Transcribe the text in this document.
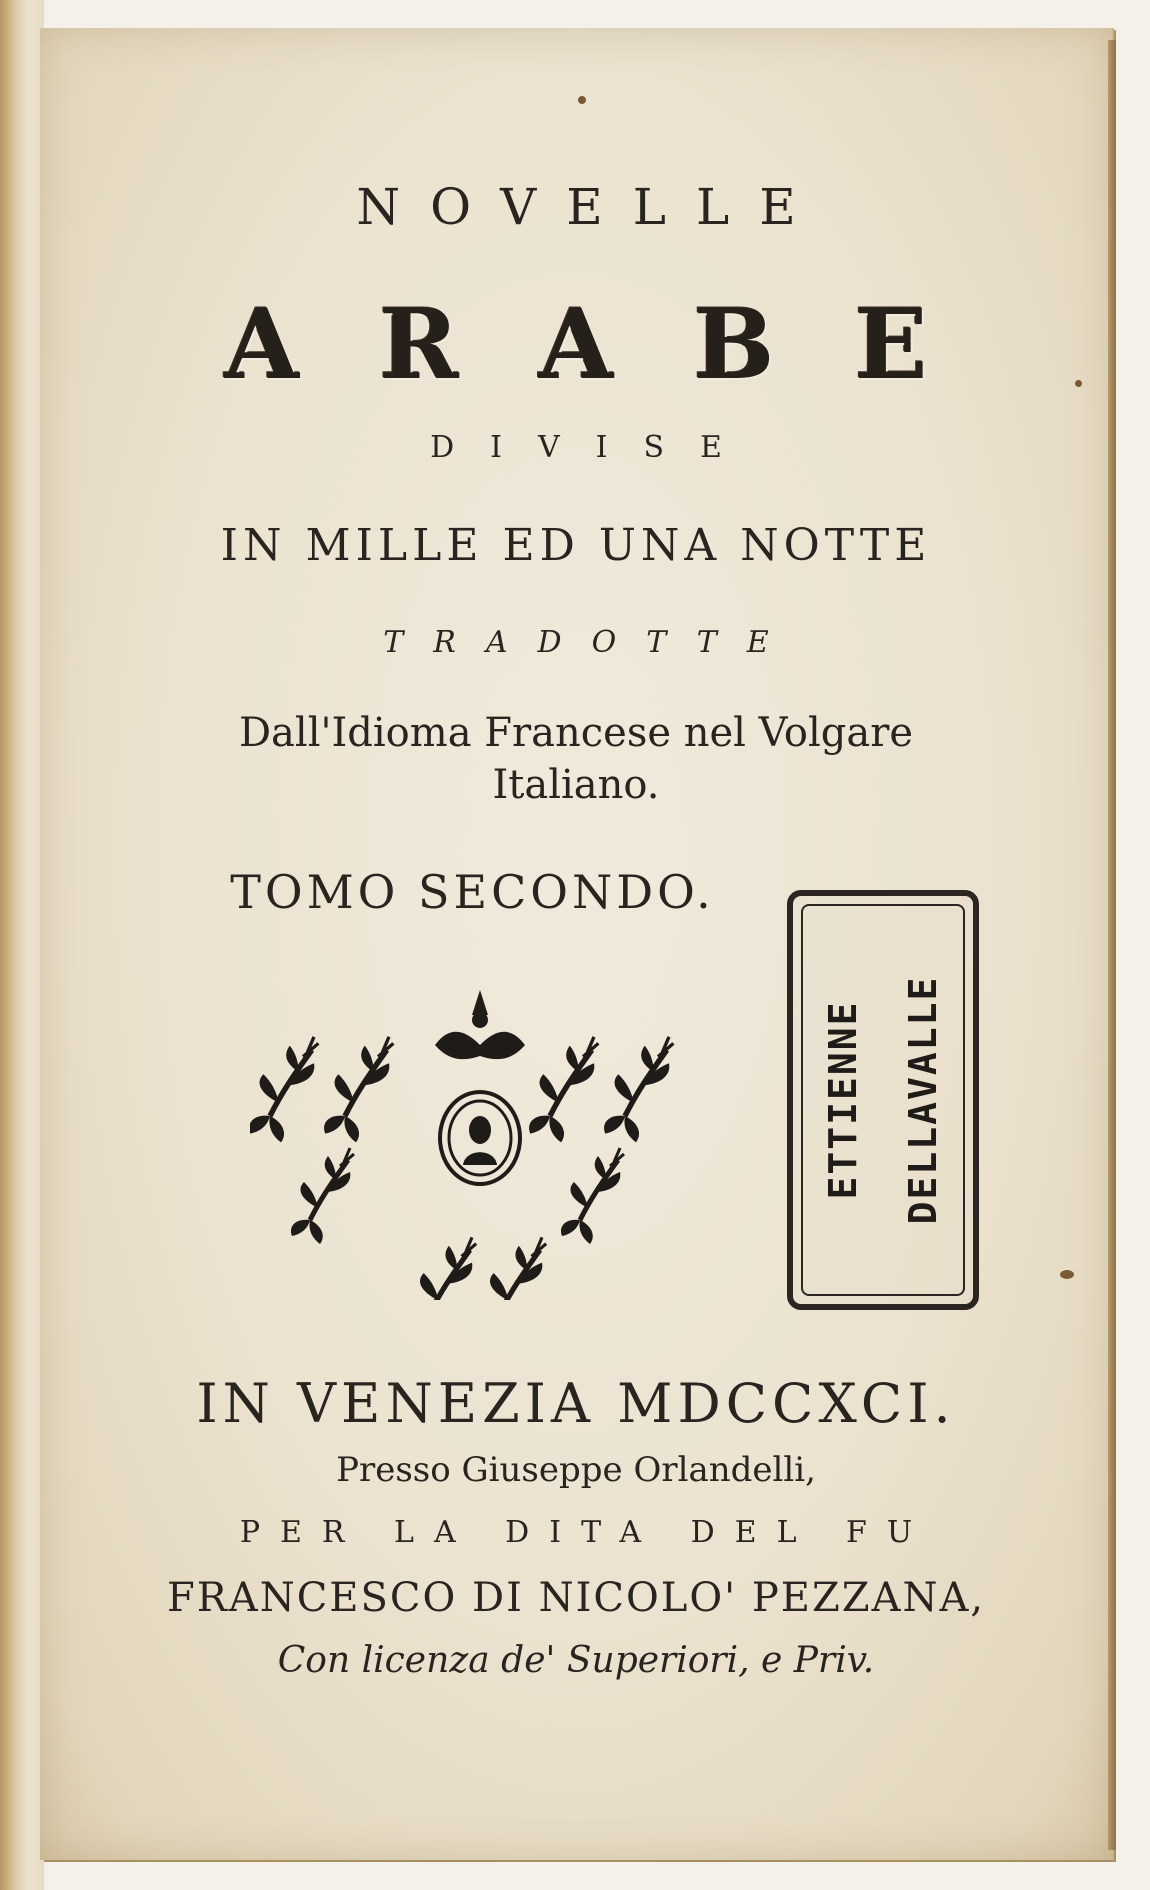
NOVELLE
ARABE
DIVISE
IN MILLE ED UNA NOTTE
TRADOTTE
Dall'Idioma Francese nel Volgare
Italiano.
TOMO SECONDO.
ETTIENNE DELLAVALLE
IN VENEZIA MDCCXCI.
Presso Giuseppe Orlandelli,
PER LA DITA DEL FU
FRANCESCO DI NICOLO' PEZZANA,
Con licenza de' Superiori, e Priv.
